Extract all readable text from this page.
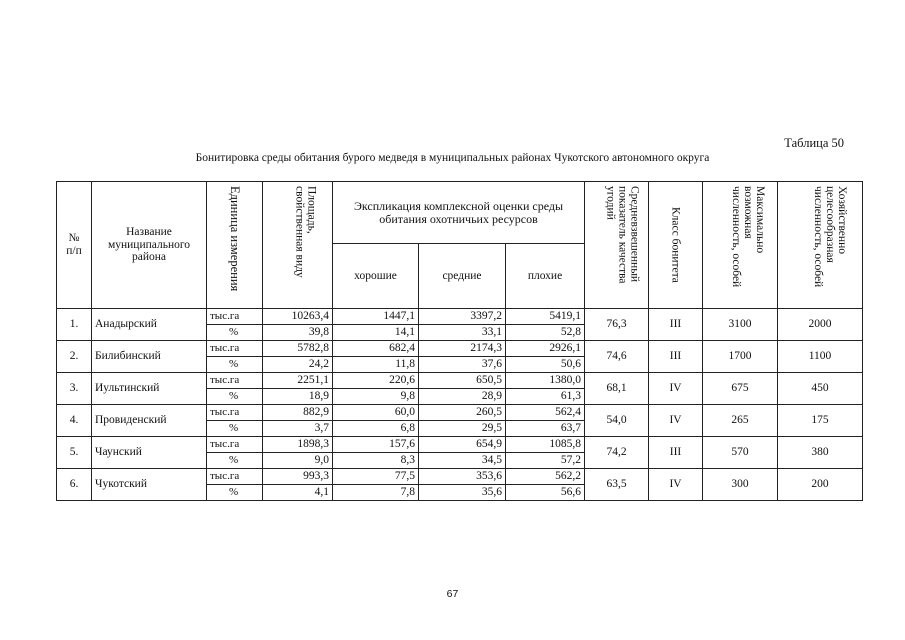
Таблица 50
Бонитировка среды обитания бурого медведя в муниципальных районах Чукотского автономного округа
№ п/п	Название муниципального района	Единица измерения	Площадь, свойственная виду	Экспликация комплексной оценки среды обитания охотничьих ресурсов			Средневзвешенный показатель качества угодий	Класс бонитета	Максимально возможная численность, особей	Хозяйственно целесообразная численность, особей

				хорошие	средние	плохие				
1.	Анадырский	тыс.га	10263,4	1447,1	3397,2	5419,1	76,3	III	3100	2000
		%	39,8	14,1	33,1	52,8				
2.	Билибинский	тыс.га	5782,8	682,4	2174,3	2926,1	74,6	III	1700	1100
		%	24,2	11,8	37,6	50,6				
3.	Иультинский	тыс.га	2251,1	220,6	650,5	1380,0	68,1	IV	675	450
		%	18,9	9,8	28,9	61,3				
4.	Провиденский	тыс.га	882,9	60,0	260,5	562,4	54,0	IV	265	175
		%	3,7	6,8	29,5	63,7				
5.	Чаунский	тыс.га	1898,3	157,6	654,9	1085,8	74,2	III	570	380
		%	9,0	8,3	34,5	57,2				
6.	Чукотский	тыс.га	993,3	77,5	353,6	562,2	63,5	IV	300	200
		%	4,1	7,8	35,6	56,6				
67
